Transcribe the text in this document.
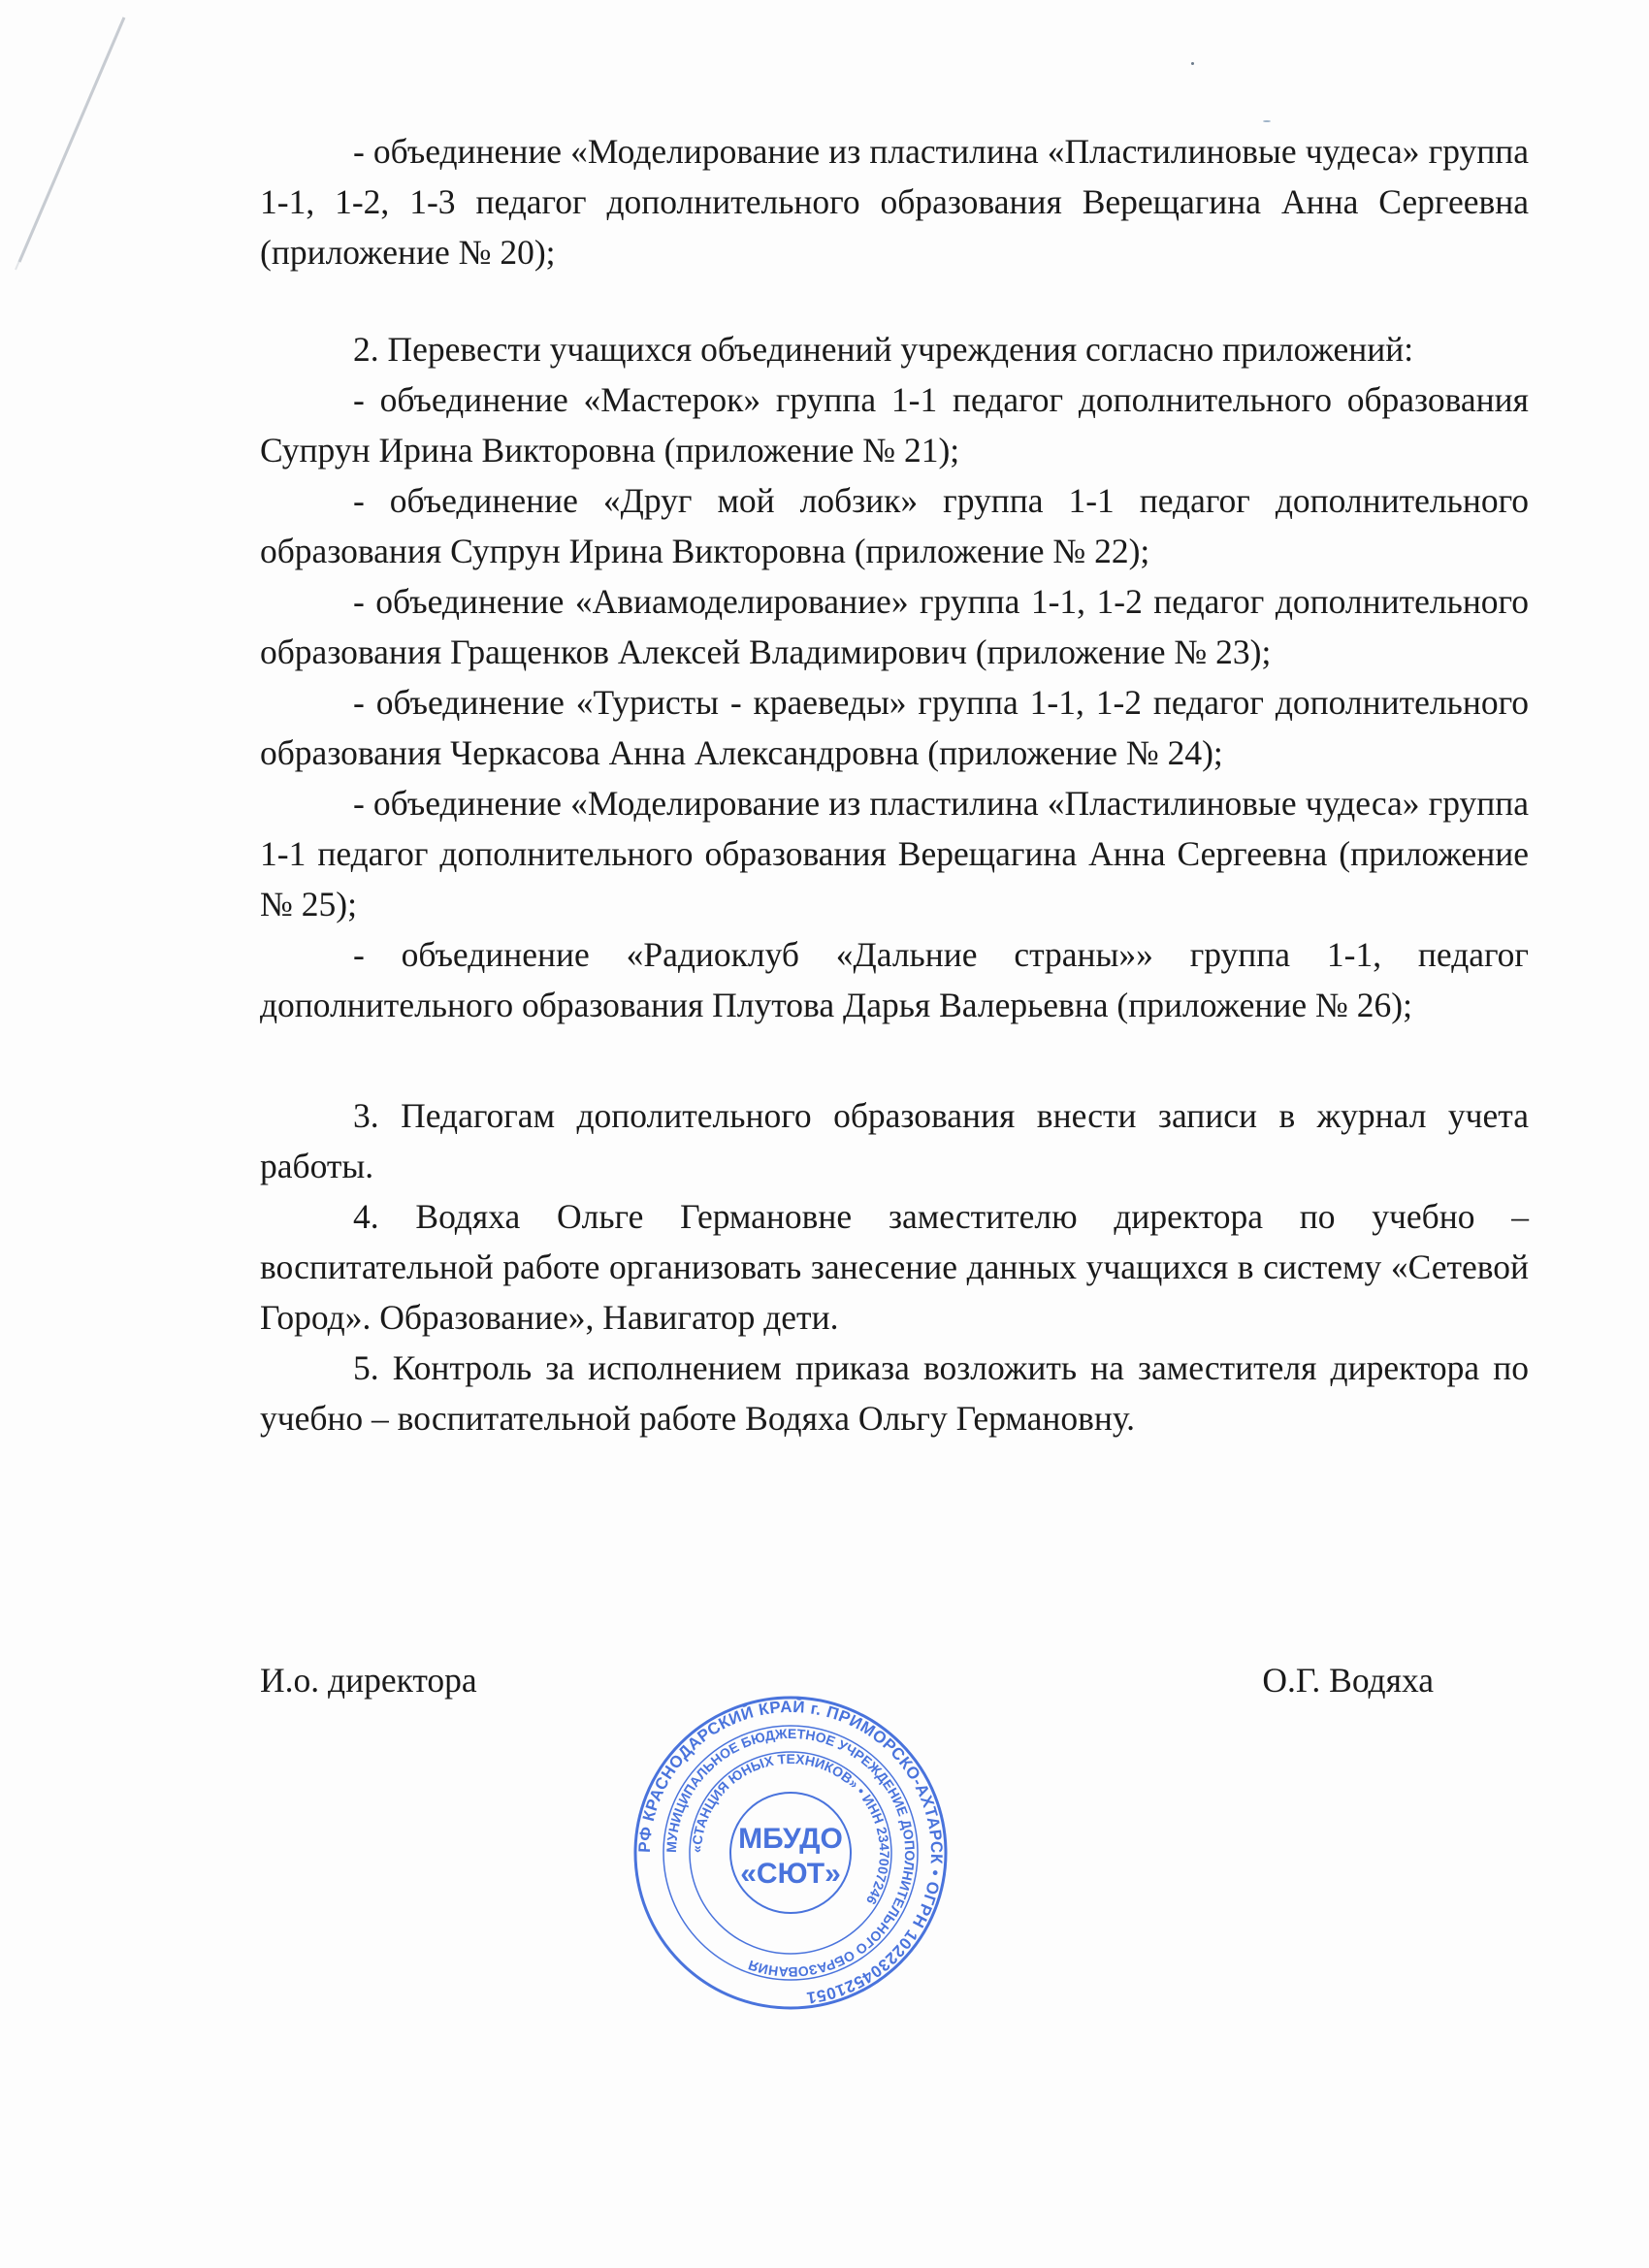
- объединение «Моделирование из пластилина «Пластилиновые чудеса» группа 1-1, 1-2, 1-3 педагог дополнительного образования Верещагина Анна Сергеевна (приложение № 20);

2. Перевести учащихся объединений учреждения согласно приложений:

- объединение «Мастерок» группа 1-1 педагог дополнительного образования Супрун Ирина Викторовна (приложение № 21);

- объединение «Друг мой лобзик» группа 1-1 педагог дополнительного образования Супрун Ирина Викторовна (приложение № 22);

- объединение «Авиамоделирование» группа 1-1, 1-2 педагог дополнительного образования Гращенков Алексей Владимирович (приложение № 23);

- объединение «Туристы - краеведы» группа 1-1, 1-2 педагог дополнительного образования Черкасова Анна Александровна (приложение № 24);

- объединение «Моделирование из пластилина «Пластилиновые чудеса» группа 1-1 педагог дополнительного образования Верещагина Анна Сергеевна (приложение № 25);

- объединение «Радиоклуб «Дальние страны»» группа 1-1, педагог дополнительного образования Плутова Дарья Валерьевна (приложение № 26);

3. Педагогам дополительного образования внести записи в журнал учета работы.

4. Водяха Ольге Германовне заместителю директора по учебно – воспитательной работе организовать занесение данных учащихся в систему «Сетевой Город». Образование», Навигатор дети.

5. Контроль за исполнением приказа возложить на заместителя директора по учебно – воспитательной работе Водяха Ольгу Германовну.

И.о. директора	О.Г. Водяха
РФ КРАСНОДАРСКИЙ КРАЙ г. ПРИМОРСКО-АХТАРСК • ОГРН 1022304521051
МУНИЦИПАЛЬНОЕ БЮДЖЕТНОЕ УЧРЕЖДЕНИЕ ДОПОЛНИТЕЛЬНОГО ОБРАЗОВАНИЯ
«СТАНЦИЯ ЮНЫХ ТЕХНИКОВ» • ИНН 2347007246
МБУДО
«СЮТ»
